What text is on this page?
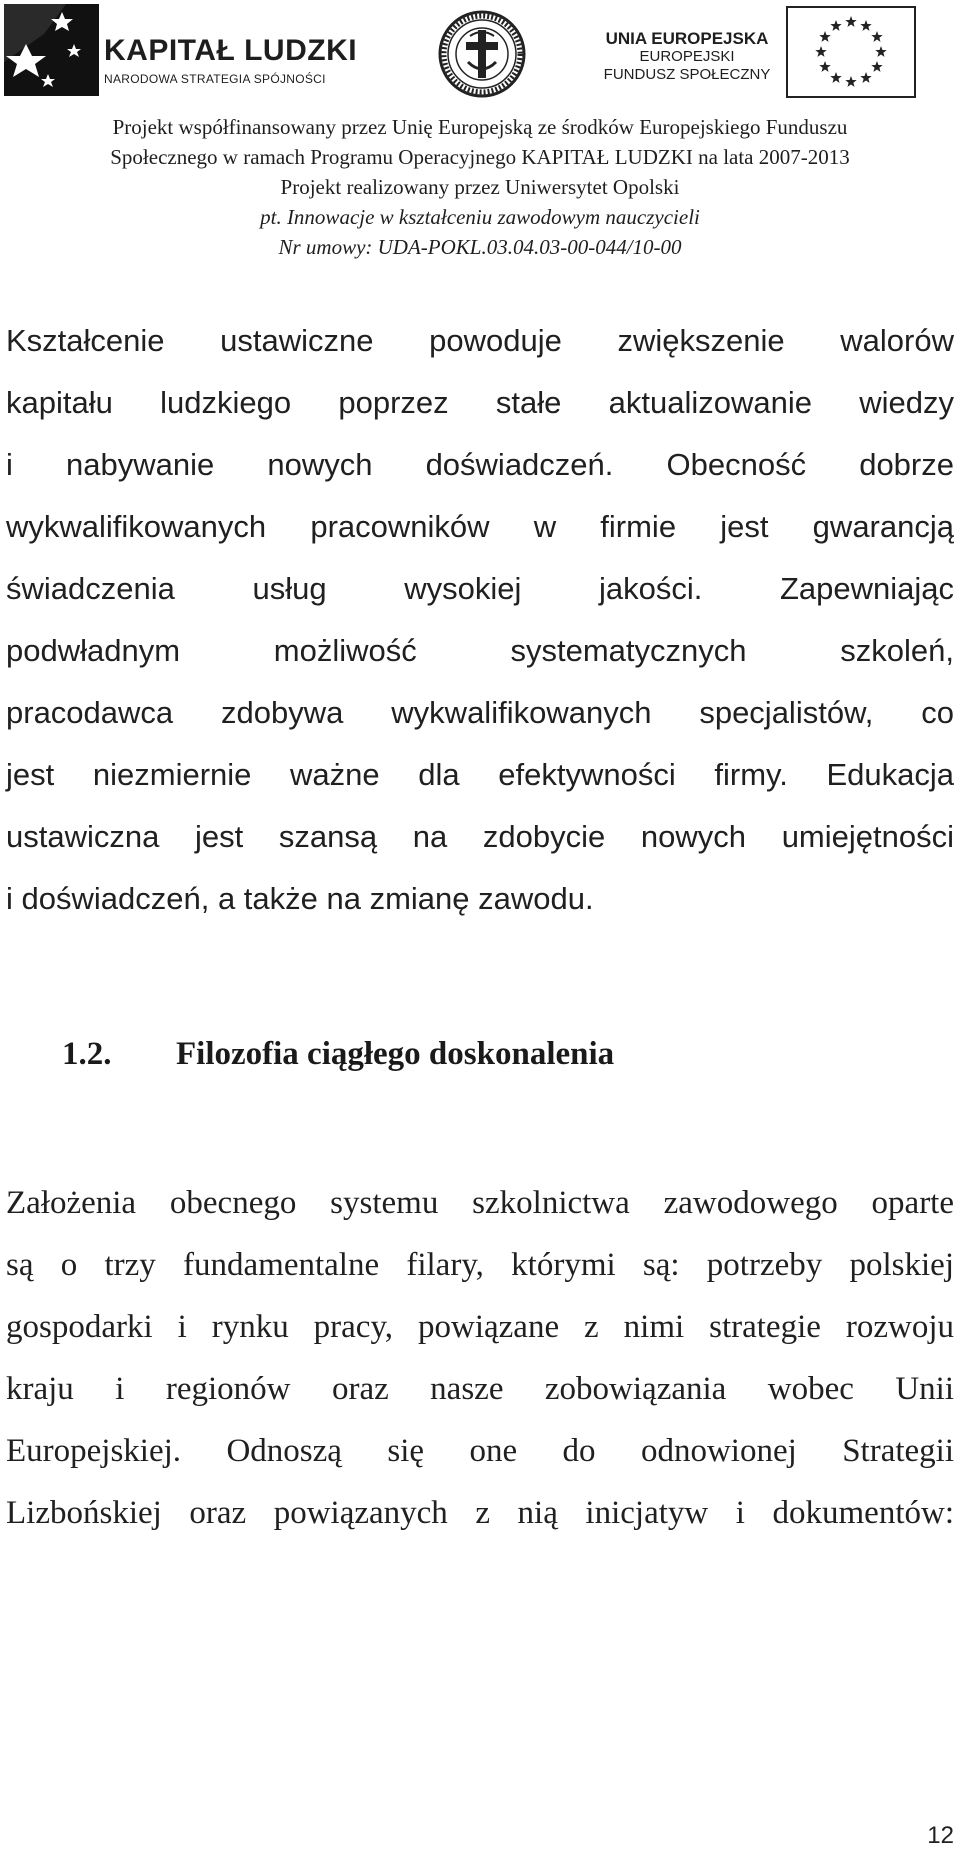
KAPITAŁ LUDZKI
NARODOWA STRATEGIA SPÓJNOŚCI
UNIA EUROPEJSKA
EUROPEJSKI
FUNDUSZ SPOŁECZNY
Projekt współfinansowany przez Unię Europejską ze środków Europejskiego Funduszu
Społecznego w ramach Programu Operacyjnego KAPITAŁ LUDZKI na lata 2007-2013
Projekt realizowany przez Uniwersytet Opolski
pt. Innowacje w kształceniu zawodowym nauczycieli
Nr umowy: UDA-POKL.03.04.03-00-044/10-00
Kształcenie ustawiczne powoduje zwiększenie walorów
kapitału ludzkiego poprzez stałe aktualizowanie wiedzy
i nabywanie nowych doświadczeń. Obecność dobrze
wykwalifikowanych pracowników w firmie jest gwarancją
świadczenia usług wysokiej jakości. Zapewniając
podwładnym możliwość systematycznych szkoleń,
pracodawca zdobywa wykwalifikowanych specjalistów, co
jest niezmiernie ważne dla efektywności firmy. Edukacja
ustawiczna jest szansą na zdobycie nowych umiejętności
i doświadczeń, a także na zmianę zawodu.
1.2. Filozofia ciągłego doskonalenia
Założenia obecnego systemu szkolnictwa zawodowego oparte
są o trzy fundamentalne filary, którymi są: potrzeby polskiej
gospodarki i rynku pracy, powiązane z nimi strategie rozwoju
kraju i regionów oraz nasze zobowiązania wobec Unii
Europejskiej. Odnoszą się one do odnowionej Strategii
Lizbońskiej oraz powiązanych z nią inicjatyw i dokumentów:
12
